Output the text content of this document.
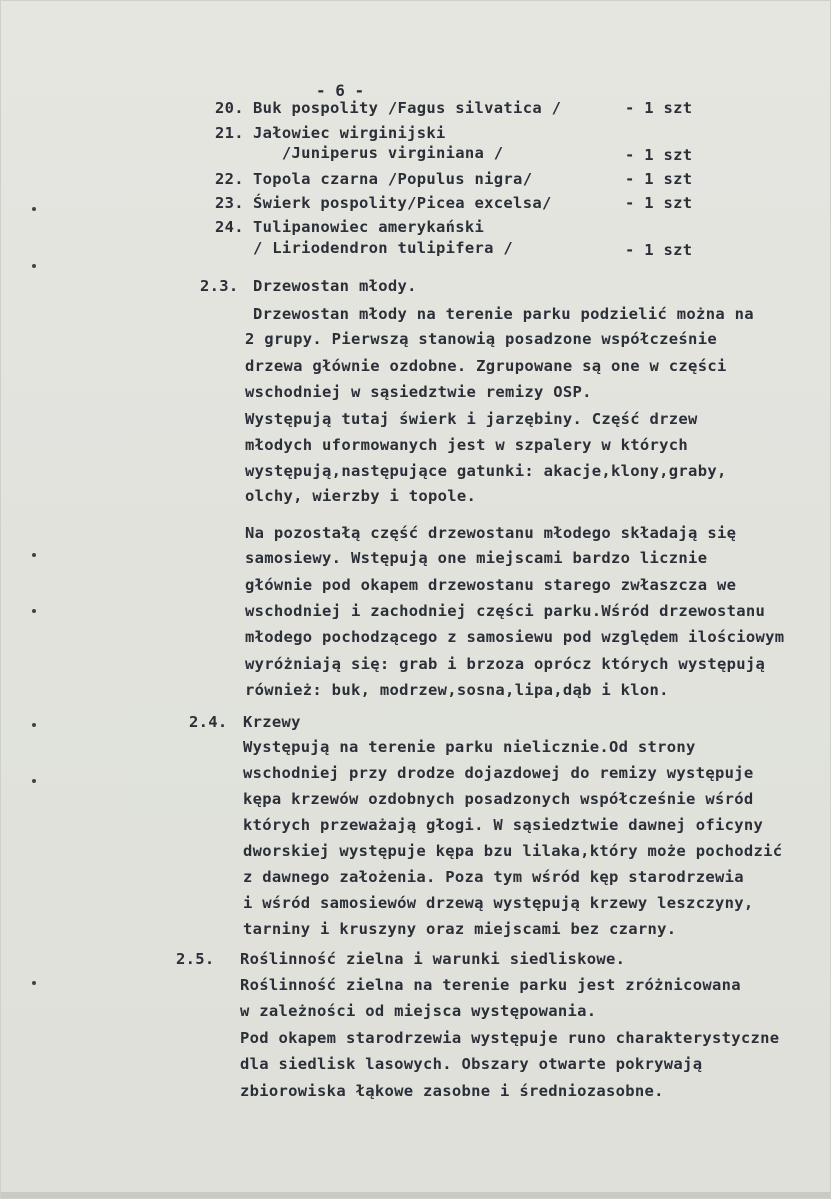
- 6 -
20. Buk pospolity /Fagus silvatica /	- 1 szt
21. Jałowiec wirginijski
/Juniperus virginiana /	- 1 szt
22. Topola czarna /Populus nigra/	- 1 szt
23. Świerk pospolity/Picea excelsa/	- 1 szt
24. Tulipanowiec amerykański
/ Liriodendron tulipifera /	- 1 szt
2.3. Drzewostan młody.
Drzewostan młody na terenie parku podzielić można na
2 grupy. Pierwszą stanowią posadzone współcześnie
drzewa głównie ozdobne. Zgrupowane są one w części
wschodniej w sąsiedztwie remizy OSP.
Występują tutaj świerk i jarzębiny. Część drzew
młodych uformowanych jest w szpalery w których
występują,następujące gatunki: akacje,klony,graby,
olchy, wierzby i topole.
Na pozostałą część drzewostanu młodego składają się
samosiewy. Wstępują one miejscami bardzo licznie
głównie pod okapem drzewostanu starego zwłaszcza we
wschodniej i zachodniej części parku.Wśród drzewostanu
młodego pochodzącego z samosiewu pod względem ilościowym
wyróżniają się: grab i brzoza oprócz których występują
również: buk, modrzew,sosna,lipa,dąb i klon.
2.4. Krzewy
Występują na terenie parku nielicznie.Od strony
wschodniej przy drodze dojazdowej do remizy występuje
kępa krzewów ozdobnych posadzonych współcześnie wśród
których przeważają głogi. W sąsiedztwie dawnej oficyny
dworskiej występuje kępa bzu lilaka,który może pochodzić
z dawnego założenia. Poza tym wśród kęp starodrzewia
i wśród samosiewów drzewą występują krzewy leszczyny,
tarniny i kruszyny oraz miejscami bez czarny.
2.5. Roślinność zielna i warunki siedliskowe.
Roślinność zielna na terenie parku jest zróżnicowana
w zależności od miejsca występowania.
Pod okapem starodrzewia występuje runo charakterystyczne
dla siedlisk lasowych. Obszary otwarte pokrywają
zbiorowiska łąkowe zasobne i średniozasobne.
